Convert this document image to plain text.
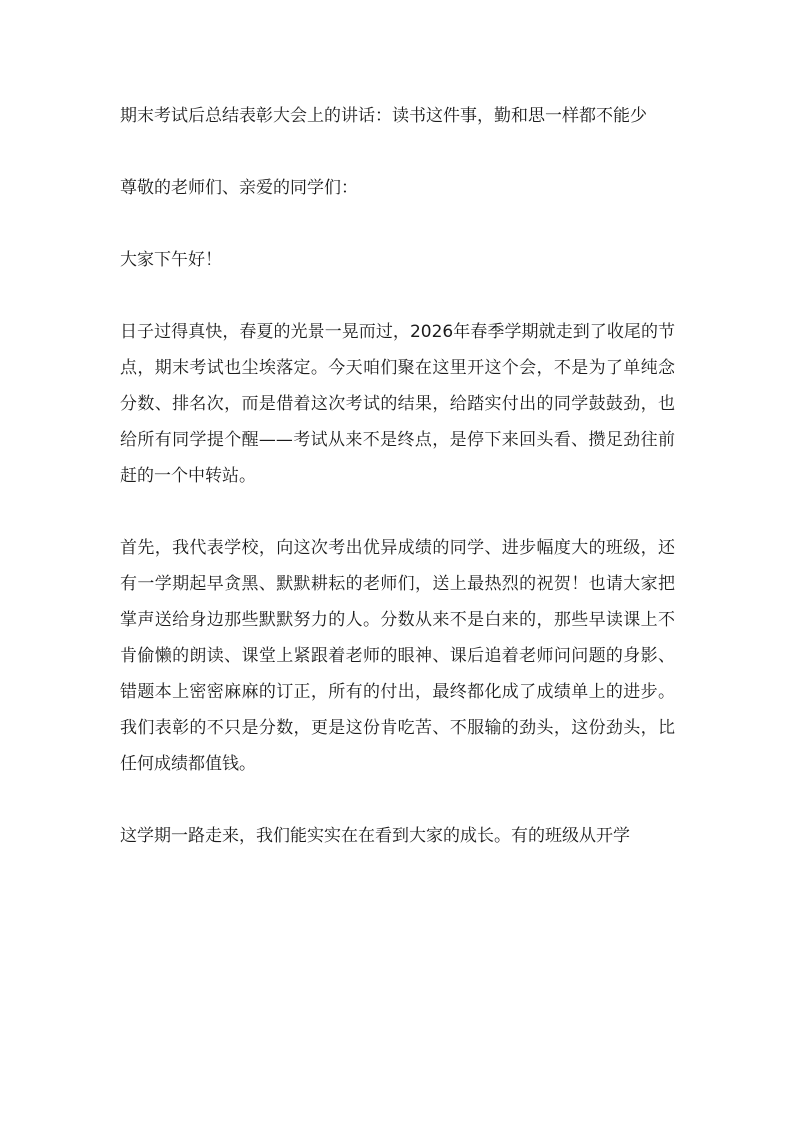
期末考试后总结表彰大会上的讲话：读书这件事，勤和思一样都不能少

尊敬的老师们、亲爱的同学们：

大家下午好！

日子过得真快，春夏的光景一晃而过，2026年春季学期就走到了收尾的节点，期末考试也尘埃落定。今天咱们聚在这里开这个会，不是为了单纯念分数、排名次，而是借着这次考试的结果，给踏实付出的同学鼓鼓劲，也给所有同学提个醒——考试从来不是终点，是停下来回头看、攒足劲往前赶的一个中转站。

首先，我代表学校，向这次考出优异成绩的同学、进步幅度大的班级，还有一学期起早贪黑、默默耕耘的老师们，送上最热烈的祝贺！也请大家把掌声送给身边那些默默努力的人。分数从来不是白来的，那些早读课上不肯偷懒的朗读、课堂上紧跟着老师的眼神、课后追着老师问问题的身影、错题本上密密麻麻的订正，所有的付出，最终都化成了成绩单上的进步。我们表彰的不只是分数，更是这份肯吃苦、不服输的劲头，这份劲头，比任何成绩都值钱。

这学期一路走来，我们能实实在在看到大家的成长。有的班级从开学
